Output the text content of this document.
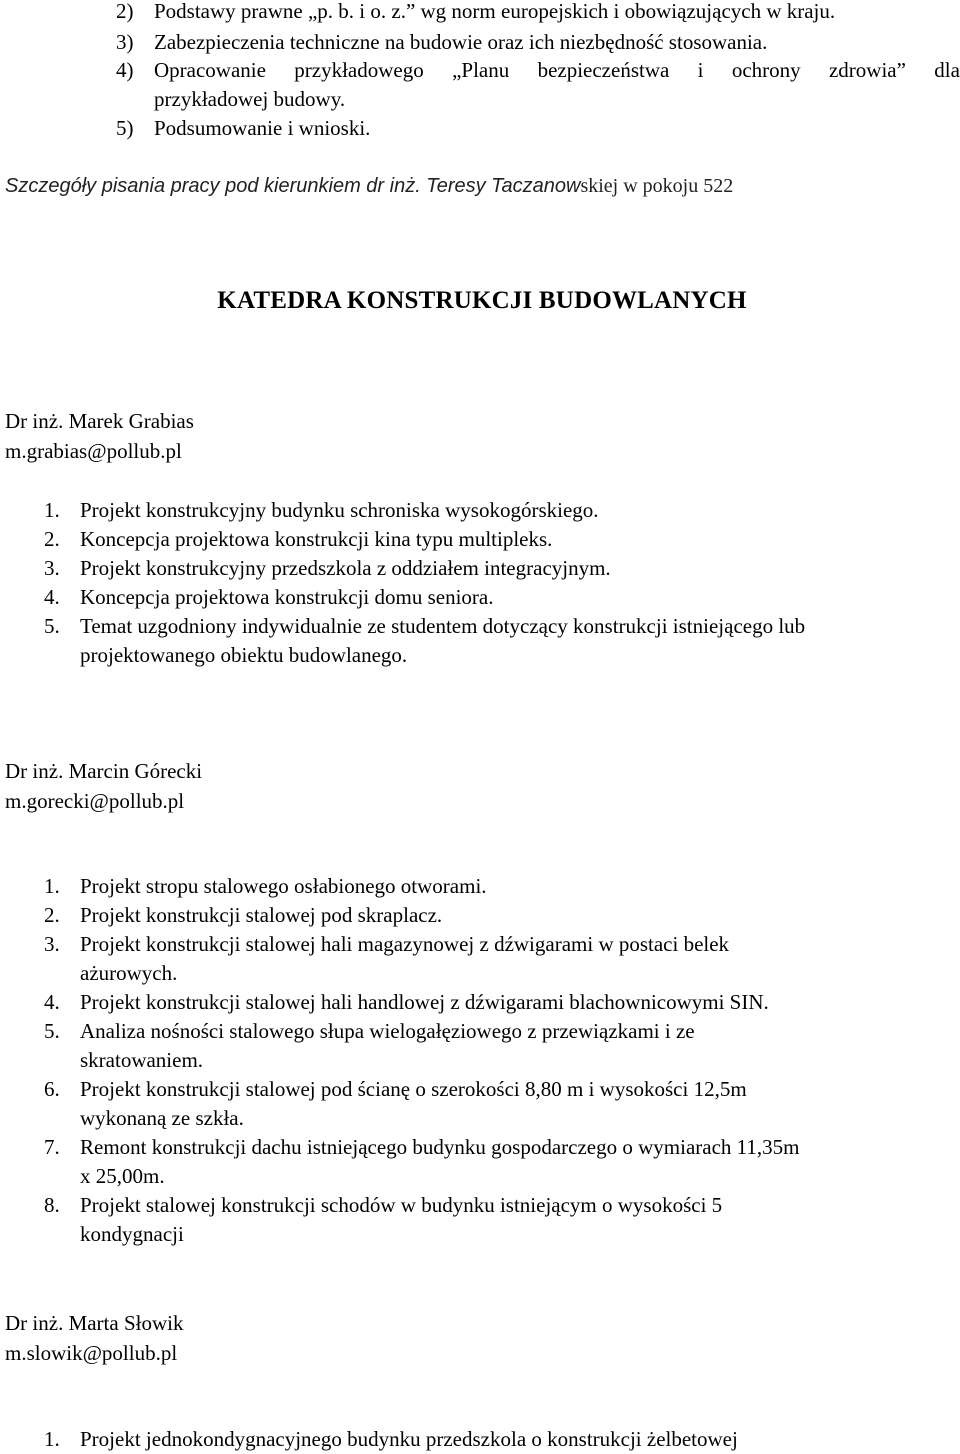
2) Podstawy prawne „p. b. i o. z.” wg norm europejskich i obowiązujących w kraju.
3) Zabezpieczenia techniczne na budowie oraz ich niezbędność stosowania.
4) Opracowanie przykładowego „Planu bezpieczeństwa i ochrony zdrowia” dla
przykładowej budowy.
5) Podsumowanie i wnioski.
Szczegóły pisania pracy pod kierunkiem dr inż. Teresy Taczanowskiej w pokoju 522
KATEDRA KONSTRUKCJI BUDOWLANYCH
Dr inż. Marek Grabias
m.grabias@pollub.pl
1. Projekt konstrukcyjny budynku schroniska wysokogórskiego.
2. Koncepcja projektowa konstrukcji kina typu multipleks.
3. Projekt konstrukcyjny przedszkola z oddziałem integracyjnym.
4. Koncepcja projektowa konstrukcji domu seniora.
5. Temat uzgodniony indywidualnie ze studentem dotyczący konstrukcji istniejącego lub
projektowanego obiektu budowlanego.
Dr inż. Marcin Górecki
m.gorecki@pollub.pl
1. Projekt stropu stalowego osłabionego otworami.
2. Projekt konstrukcji stalowej pod skraplacz.
3. Projekt konstrukcji stalowej hali magazynowej z dźwigarami w postaci belek
ażurowych.
4. Projekt konstrukcji stalowej hali handlowej z dźwigarami blachownicowymi SIN.
5. Analiza nośności stalowego słupa wielogałęziowego z przewiązkami i ze
skratowaniem.
6. Projekt konstrukcji stalowej pod ścianę o szerokości 8,80 m i wysokości 12,5m
wykonaną ze szkła.
7. Remont konstrukcji dachu istniejącego budynku gospodarczego o wymiarach 11,35m
x 25,00m.
8. Projekt stalowej konstrukcji schodów w budynku istniejącym o wysokości 5
kondygnacji
Dr inż. Marta Słowik
m.slowik@pollub.pl
1. Projekt jednokondygnacyjnego budynku przedszkola o konstrukcji żelbetowej
